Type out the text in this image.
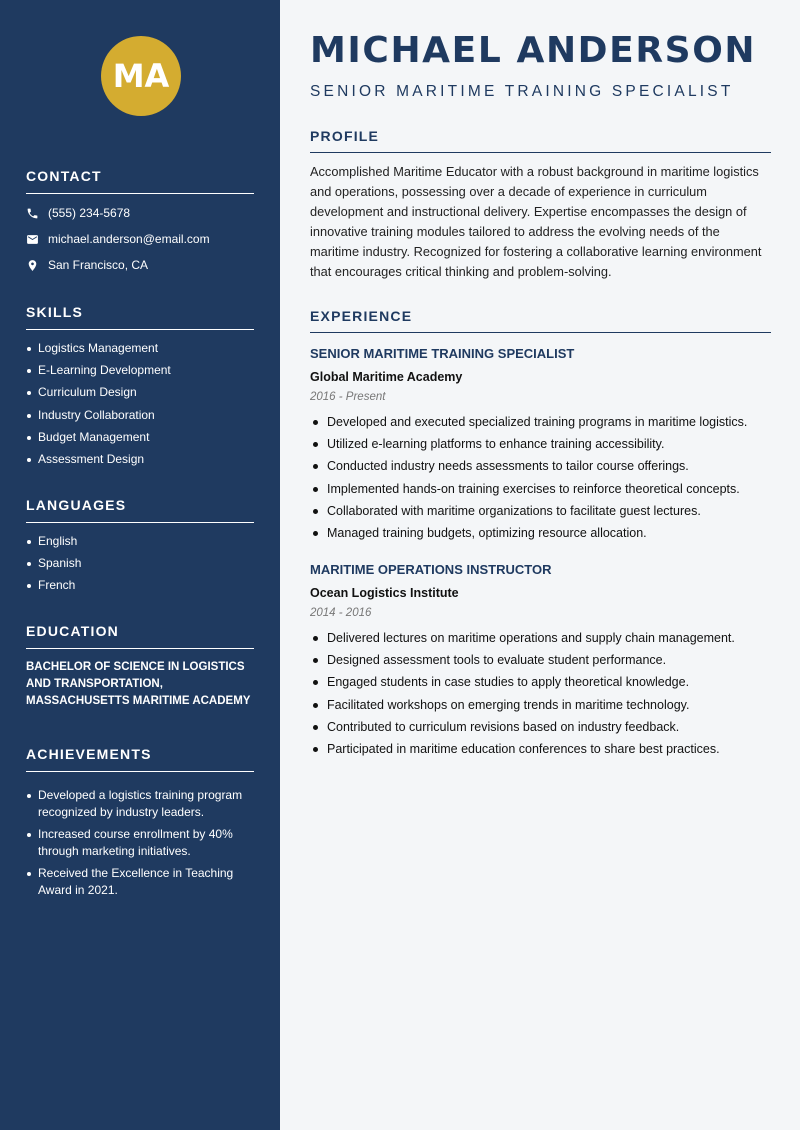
MA
CONTACT
(555) 234-5678
michael.anderson@email.com
San Francisco, CA
SKILLS
Logistics Management
E-Learning Development
Curriculum Design
Industry Collaboration
Budget Management
Assessment Design
LANGUAGES
English
Spanish
French
EDUCATION
BACHELOR OF SCIENCE IN LOGISTICS
AND TRANSPORTATION,
MASSACHUSETTS MARITIME ACADEMY
ACHIEVEMENTS
Developed a logistics training program recognized by industry leaders.
Increased course enrollment by 40% through marketing initiatives.
Received the Excellence in Teaching Award in 2021.
MICHAEL ANDERSON
SENIOR MARITIME TRAINING SPECIALIST
PROFILE
Accomplished Maritime Educator with a robust background in maritime logistics and operations, possessing over a decade of experience in curriculum development and instructional delivery. Expertise encompasses the design of innovative training modules tailored to address the evolving needs of the maritime industry. Recognized for fostering a collaborative learning environment that encourages critical thinking and problem-solving.
EXPERIENCE
SENIOR MARITIME TRAINING SPECIALIST
Global Maritime Academy
2016 - Present
Developed and executed specialized training programs in maritime logistics.
Utilized e-learning platforms to enhance training accessibility.
Conducted industry needs assessments to tailor course offerings.
Implemented hands-on training exercises to reinforce theoretical concepts.
Collaborated with maritime organizations to facilitate guest lectures.
Managed training budgets, optimizing resource allocation.
MARITIME OPERATIONS INSTRUCTOR
Ocean Logistics Institute
2014 - 2016
Delivered lectures on maritime operations and supply chain management.
Designed assessment tools to evaluate student performance.
Engaged students in case studies to apply theoretical knowledge.
Facilitated workshops on emerging trends in maritime technology.
Contributed to curriculum revisions based on industry feedback.
Participated in maritime education conferences to share best practices.
